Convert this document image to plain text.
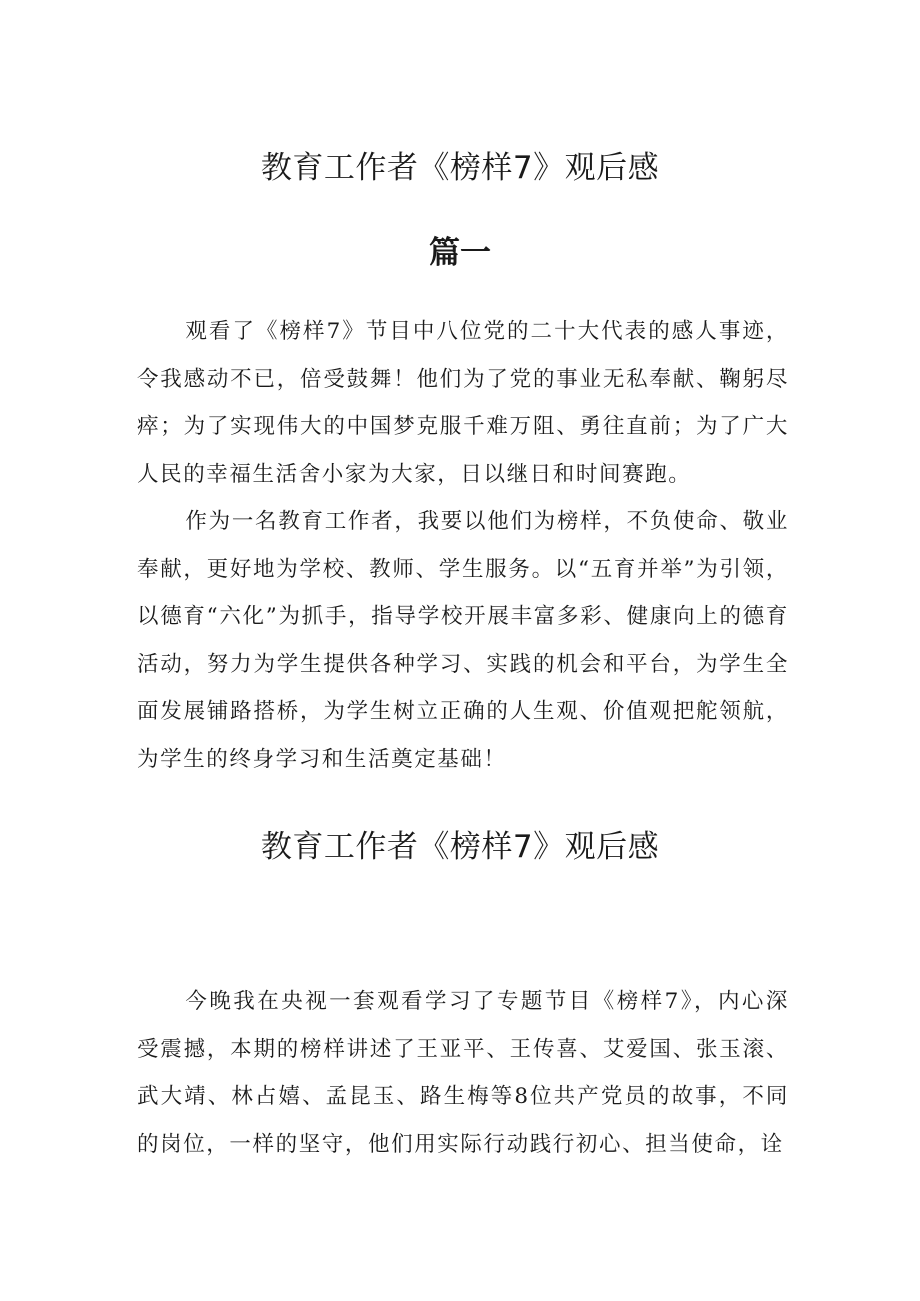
教育工作者《榜样7》观后感
篇一

观看了《榜样7》节目中八位党的二十大代表的感人事迹，令我感动不已，倍受鼓舞！他们为了党的事业无私奉献、鞠躬尽瘁；为了实现伟大的中国梦克服千难万阻、勇往直前；为了广大人民的幸福生活舍小家为大家，日以继日和时间赛跑。

作为一名教育工作者，我要以他们为榜样，不负使命、敬业奉献，更好地为学校、教师、学生服务。以“五育并举”为引领，以德育“六化”为抓手，指导学校开展丰富多彩、健康向上的德育活动，努力为学生提供各种学习、实践的机会和平台，为学生全面发展铺路搭桥，为学生树立正确的人生观、价值观把舵领航，为学生的终身学习和生活奠定基础！

教育工作者《榜样7》观后感

今晚我在央视一套观看学习了专题节目《榜样7》，内心深受震撼，本期的榜样讲述了王亚平、王传喜、艾爱国、张玉滚、武大靖、林占嬉、孟昆玉、路生梅等8位共产党员的故事，不同的岗位，一样的坚守，他们用实际行动践行初心、担当使命，诠
